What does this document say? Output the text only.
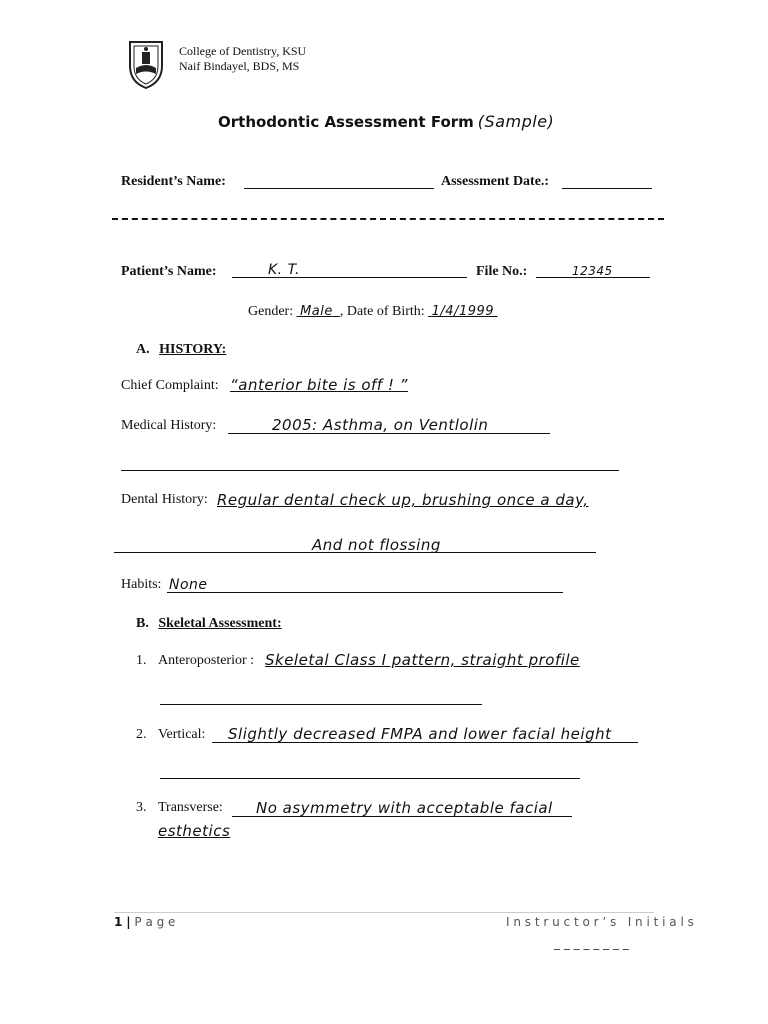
College of Dentistry, KSU
Naif Bindayel, BDS, MS
Orthodontic Assessment Form (Sample)
Resident’s Name:	Assessment Date.:
Patient’s Name:	K. T.	File No.:	12345
Gender: Male , Date of Birth: 1/4/1999
A. HISTORY:
Chief Complaint: “anterior bite is off ! ”
Medical History:	2005: Asthma, on Ventlolin
Dental History: Regular dental check up, brushing once a day,
And not flossing
Habits: None
B. Skeletal Assessment:
1. Anteroposterior : Skeletal Class I pattern, straight profile
2. Vertical: Slightly decreased FMPA and lower facial height
3. Transverse: No asymmetry with acceptable facial
esthetics
1 | P a g e	I n s t r u c t o r ’ s   I n i t i a l s
_ _ _ _ _ _ _ _
